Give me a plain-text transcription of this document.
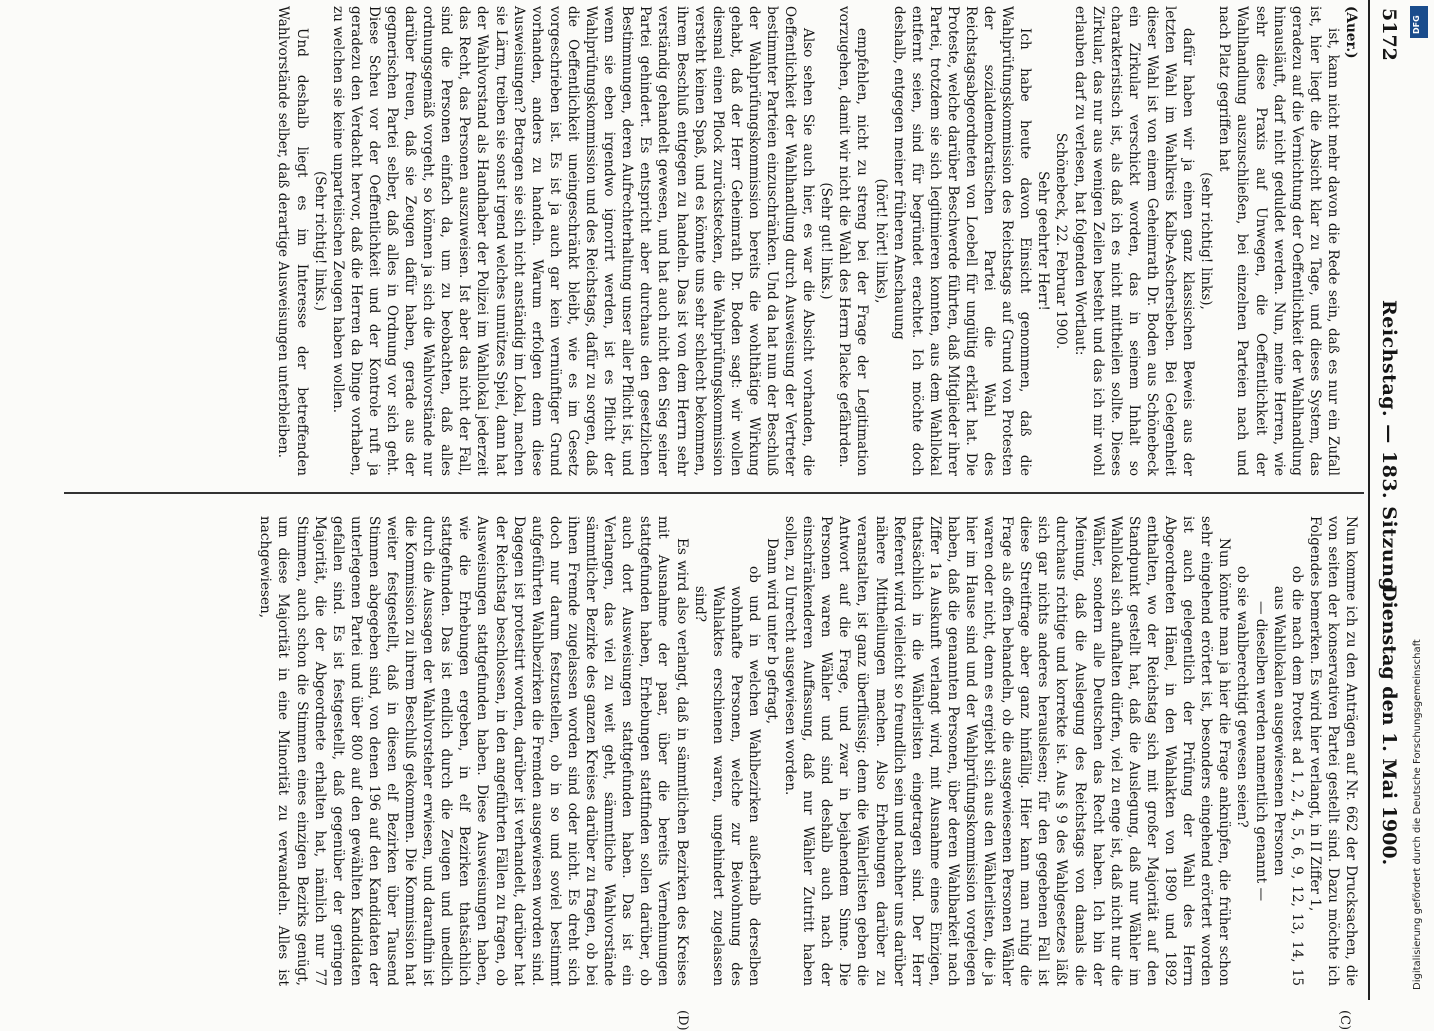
5172
Reichstag. — 183. Sitzung.
Dienstag den 1. Mai 1900.
(C)
(D)

(Auer.)

ist, kann nicht mehr davon die Rede sein, daß es nur ein Zufall ist, hier liegt die Absicht klar zu Tage, und dieses System, das geradezu auf die Vernichtung der Oeffentlichkeit der Wahlhandlung hinausläuft, darf nicht geduldet werden. Nun, meine Herren, wie sehr diese Praxis auf Unwegen, die Oeffentlichkeit der Wahlhandlung auszuschließen, bei einzelnen Parteien nach und nach Platz gegriffen hat

(sehr richtig! links),

dafür haben wir ja einen ganz klassischen Beweis aus der letzten Wahl im Wahlkreis Kalbe-Aschersleben. Bei Gelegenheit dieser Wahl ist von einem Geheimrath Dr. Boden aus Schönebeck ein Zirkular verschickt worden, das in seinem Inhalt so charakteristisch ist, als daß ich es nicht mittheilen sollte. Dieses Zirkular, das nur aus wenigen Zeilen besteht und das ich mir wohl erlauben darf zu verlesen, hat folgenden Wortlaut:

Schönebeck, 22. Februar 1900.

Sehr geehrter Herr!

Ich habe heute davon Einsicht genommen, daß die Wahlprüfungskommission des Reichstags auf Grund von Protesten der sozialdemokratischen Partei die Wahl des Reichstagsabgeordneten von Loebell für ungültig erklärt hat. Die Proteste, welche darüber Beschwerde führten, daß Mitglieder ihrer Partei, trotzdem sie sich legitimieren konnten, aus dem Wahllokal entfernt seien, sind für begründet erachtet. Ich möchte doch deshalb, entgegen meiner früheren Anschauung

(hört! hört! links),

empfehlen, nicht zu streng bei der Frage der Legitimation vorzugehen, damit wir nicht die Wahl des Herrn Placke gefährden.

(Sehr gut! links.)

Also sehen Sie auch hier, es war die Absicht vorhanden, die Oeffentlichkeit der Wahlhandlung durch Ausweisung der Vertreter bestimmter Parteien einzuschränken. Und da hat nun der Beschluß der Wahlprüfungskommission bereits die wohlthätige Wirkung gehabt, daß der Herr Geheimrath Dr. Boden sagt: wir wollen diesmal einen Pflock zurückstecken, die Wahlprüfungskommission versteht keinen Spaß, und es könnte uns sehr schlecht bekommen, ihrem Beschluß entgegen zu handeln. Das ist von dem Herrn sehr verständig gehandelt gewesen, und hat auch nicht den Sieg seiner Partei gehindert. Es entspricht aber durchaus den gesetzlichen Bestimmungen, deren Aufrechterhaltung unser aller Pflicht ist, und wenn sie eben irgendwo ignorirt werden, ist es Pflicht der Wahlprüfungskommission und des Reichstags, dafür zu sorgen, daß die Oeffentlichkeit uneingeschränkt bleibt, wie es im Gesetz vorgeschrieben ist. Es ist ja auch gar kein vernünftiger Grund vorhanden, anders zu handeln. Warum erfolgen denn diese Ausweisungen? Betragen sie sich nicht anständig im Lokal, machen sie Lärm, treiben sie sonst irgend welches unnützes Spiel, dann hat der Wahlvorstand als Handhaber der Polizei im Wahllokal jederzeit das Recht, das Personen auszuweisen. Ist aber das nicht der Fall, sind die Personen einfach da, um zu beobachten, daß alles ordnungsgemäß vorgeht, so können ja sich die Wahlvorstände nur darüber freuen, daß sie Zeugen dafür haben, gerade aus der gegnerischen Partei selber, daß alles in Ordnung vor sich geht. Diese Scheu vor der Oeffentlichkeit und der Kontrole ruft ja geradezu den Verdacht hervor, daß die Herren da Dinge vorhaben, zu welchen sie keine unparteiischen Zeugen haben wollen.

(Sehr richtig! links.)

Und deshalb liegt es im Interesse der betreffenden Wahlvorstände selber, daß derartige Ausweisungen unterbleiben.

Nun komme ich zu den Anträgen auf Nr. 662 der Drucksachen, die von seiten der konservativen Partei gestellt sind. Dazu möchte ich Folgendes bemerken. Es wird hier verlangt, in II Ziffer 1,

ob die nach dem Protest ad 1, 2, 4, 5, 6, 9, 12, 13, 14, 15 aus Wahllokalen ausgewiesenen Personen

— dieselben werden namentlich genannt —

ob sie wahlberechtigt gewesen seien?

Nun könnte man ja hier die Frage anknüpfen, die früher schon sehr eingehend erörtert ist, besonders eingehend erörtert worden ist auch gelegentlich der Prüfung der Wahl des Herrn Abgeordneten Hänel, in den Wahlakten von 1890 und 1892 enthalten, wo der Reichstag sich mit großer Majorität auf den Standpunkt gestellt hat, daß die Auslegung, daß nur Wähler im Wahllokal sich aufhalten dürfen, viel zu enge ist, daß nicht nur die Wähler, sondern alle Deutschen das Recht haben. Ich bin der Meinung, daß die Auslegung des Reichstags von damals die durchaus richtige und korrekte ist. Aus § 9 des Wahlgesetzes läßt sich gar nichts anderes herauslesen; für den gegebenen Fall ist diese Streitfrage aber ganz hinfällig. Hier kann man ruhig die Frage als offen behandeln, ob die ausgewiesenen Personen Wähler waren oder nicht, denn es ergiebt sich aus den Wählerlisten, die ja hier im Hause sind und der Wahlprüfungskommission vorgelegen haben, daß die genannten Personen, über deren Wahlbarkeit nach Ziffer 1a Auskunft verlangt wird, mit Ausnahme eines Einzigen, thatsächlich in die Wählerlisten eingetragen sind. Der Herr Referent wird vielleicht so freundlich sein und nachher uns darüber nähere Mittheilungen machen. Also Erhebungen darüber zu veranstalten, ist ganz überflüssig; denn die Wählerlisten geben die Antwort auf die Frage, und zwar in bejahendem Sinne. Die Personen waren Wähler und sind deshalb auch nach der einschränkenderen Auffassung, daß nur Wähler Zutritt haben sollen, zu Unrecht ausgewiesen worden.

Dann wird unter b gefragt,

ob und in welchen Wahlbezirken außerhalb derselben wohnhafte Personen, welche zur Beiwohnung des Wahlaktes erschienen waren, ungehindert zugelassen sind?

Es wird also verlangt, daß in sämmtlichen Bezirken des Kreises mit Ausnahme der paar, über die bereits Vernehmungen stattgefunden haben, Erhebungen stattfinden sollen darüber, ob auch dort Ausweisungen stattgefunden haben. Das ist ein Verlangen, das viel zu weit geht, sämmtliche Wahlvorstände sämmtlicher Bezirke des ganzen Kreises darüber zu fragen, ob bei ihnen Fremde zugelassen worden sind oder nicht. Es dreht sich doch nur darum festzustellen, ob in so und soviel bestimmt aufgeführten Wahlbezirken die Fremden ausgewiesen worden sind. Dagegen ist protestirt worden, darüber ist verhandelt, darüber hat der Reichstag beschlossen, in den angeführten Fällen zu fragen, ob Ausweisungen stattgefunden haben. Diese Ausweisungen haben, wie die Erhebungen ergeben, in elf Bezirken thatsächlich stattgefunden. Das ist endlich durch die Zeugen und unedlich durch die Aussagen der Wahlvorsteher erwiesen, und daraufhin ist die Kommission zu ihrem Beschluß gekommen. Die Kommission hat weiter festgestellt, daß in diesen elf Bezirken über Tausend Stimmen abgegeben sind, von denen 196 auf den Kandidaten der unterlegenen Partei und über 800 auf den gewählten Kandidaten gefallen sind. Es ist festgestellt, daß gegenüber der geringen Majorität, die der Abgeordnete erhalten hat, nämlich nur 77 Stimmen, auch schon die Stimmen eines einzigen Bezirks genügt, um diese Majorität in eine Minorität zu verwandeln. Alles ist nachgewiesen,

DFG
Digitalisierung gefördert durch die Deutsche Forschungsgemeinschaft
